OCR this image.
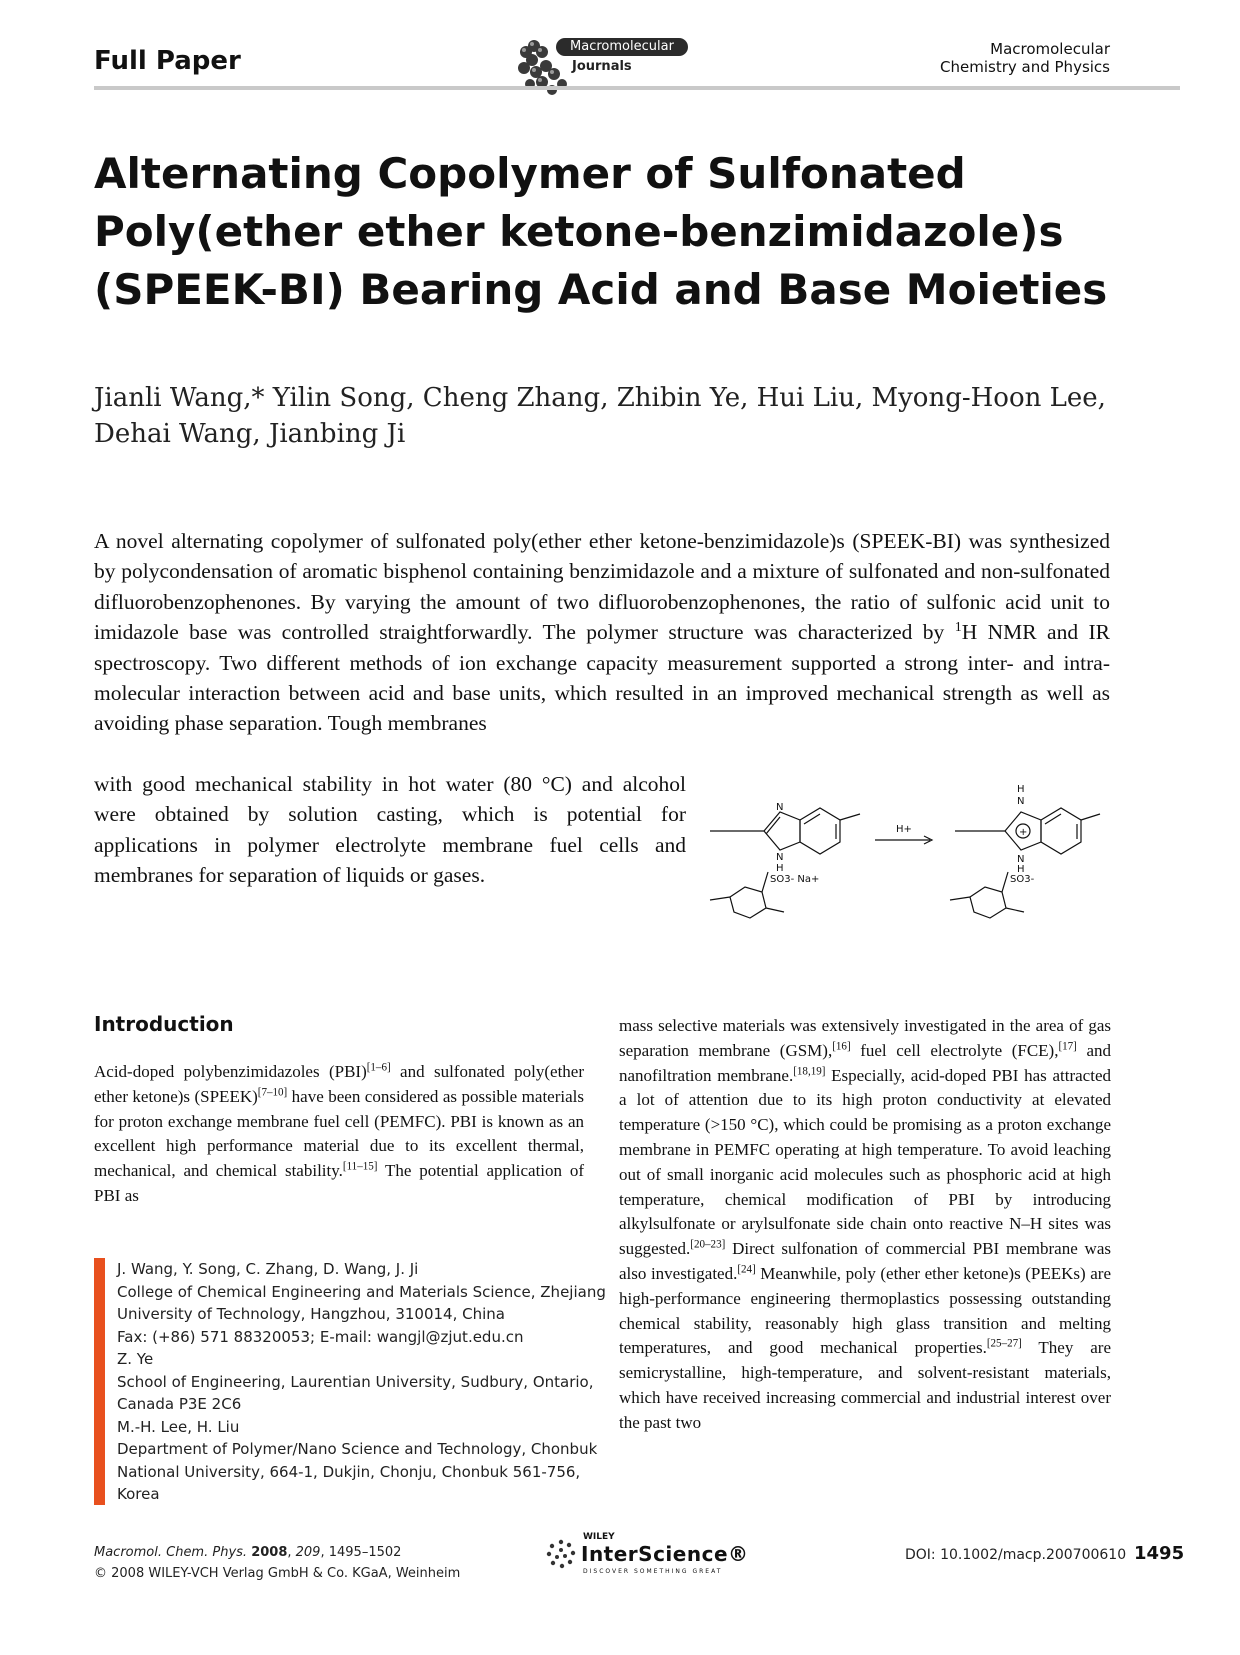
Full Paper	Macromolecular
Journals
Macromolecular
Chemistry and Physics
Alternating Copolymer of Sulfonated
Poly(ether ether ketone-benzimidazole)s
(SPEEK-BI) Bearing Acid and Base Moieties
Jianli Wang,* Yilin Song, Cheng Zhang, Zhibin Ye, Hui Liu, Myong-Hoon Lee,
Dehai Wang, Jianbing Ji
A novel alternating copolymer of sulfonated poly(ether ether ketone-benzimidazole)s (SPEEK-BI) was synthesized by polycondensation of aromatic bisphenol containing benzimidazole and a mixture of sulfonated and non-sulfonated difluorobenzophenones. By varying the amount of two difluorobenzophenones, the ratio of sulfonic acid unit to imidazole base was controlled straightforwardly. The polymer structure was characterized by $^1$H NMR and IR spectroscopy. Two different methods of ion exchange capacity measurement supported a strong inter- and intra-molecular interaction between acid and base units, which resulted in an improved mechanical strength as well as avoiding phase separation. Tough membranes
with good mechanical stability in hot water (80 °C) and alcohol were obtained by solution casting, which is potential for applications in polymer electrolyte membrane fuel cells and membranes for separation of liquids or gases.
N
N
H
SO3- Na+
H+
H
N
+
N
H
SO3-
Introduction
Acid-doped polybenzimidazoles (PBI)[1–6] and sulfonated poly(ether ether ketone)s (SPEEK)[7–10] have been considered as possible materials for proton exchange membrane fuel cell (PEMFC). PBI is known as an excellent high performance material due to its excellent thermal, mechanical, and chemical stability.[11–15] The potential application of PBI as
mass selective materials was extensively investigated in the area of gas separation membrane (GSM),[16] fuel cell electrolyte (FCE),[17] and nanofiltration membrane.[18,19] Especially, acid-doped PBI has attracted a lot of attention due to its high proton conductivity at elevated temperature (>150 °C), which could be promising as a proton exchange membrane in PEMFC operating at high temperature. To avoid leaching out of small inorganic acid molecules such as phosphoric acid at high temperature, chemical modification of PBI by introducing alkylsulfonate or arylsulfonate side chain onto reactive N–H sites was suggested.[20–23] Direct sulfonation of commercial PBI membrane was also investigated.[24] Meanwhile, poly (ether ether ketone)s (PEEKs) are high-performance engineering thermoplastics possessing outstanding chemical stability, reasonably high glass transition and melting temperatures, and good mechanical properties.[25–27] They are semicrystalline, high-temperature, and solvent-resistant materials, which have received increasing commercial and industrial interest over the past two
J. Wang, Y. Song, C. Zhang, D. Wang, J. Ji
College of Chemical Engineering and Materials Science, Zhejiang
University of Technology, Hangzhou, 310014, China
Fax: (+86) 571 88320053; E-mail: wangjl@zjut.edu.cn
Z. Ye
School of Engineering, Laurentian University, Sudbury, Ontario,
Canada P3E 2C6
M.-H. Lee, H. Liu
Department of Polymer/Nano Science and Technology, Chonbuk
National University, 664-1, Dukjin, Chonju, Chonbuk 561-756,
Korea
Macromol. Chem. Phys. 2008, 209, 1495–1502
© 2008 WILEY-VCH Verlag GmbH & Co. KGaA, Weinheim
WILEY
InterScience®
DISCOVER SOMETHING GREAT
DOI: 10.1002/macp.200700610 1495
